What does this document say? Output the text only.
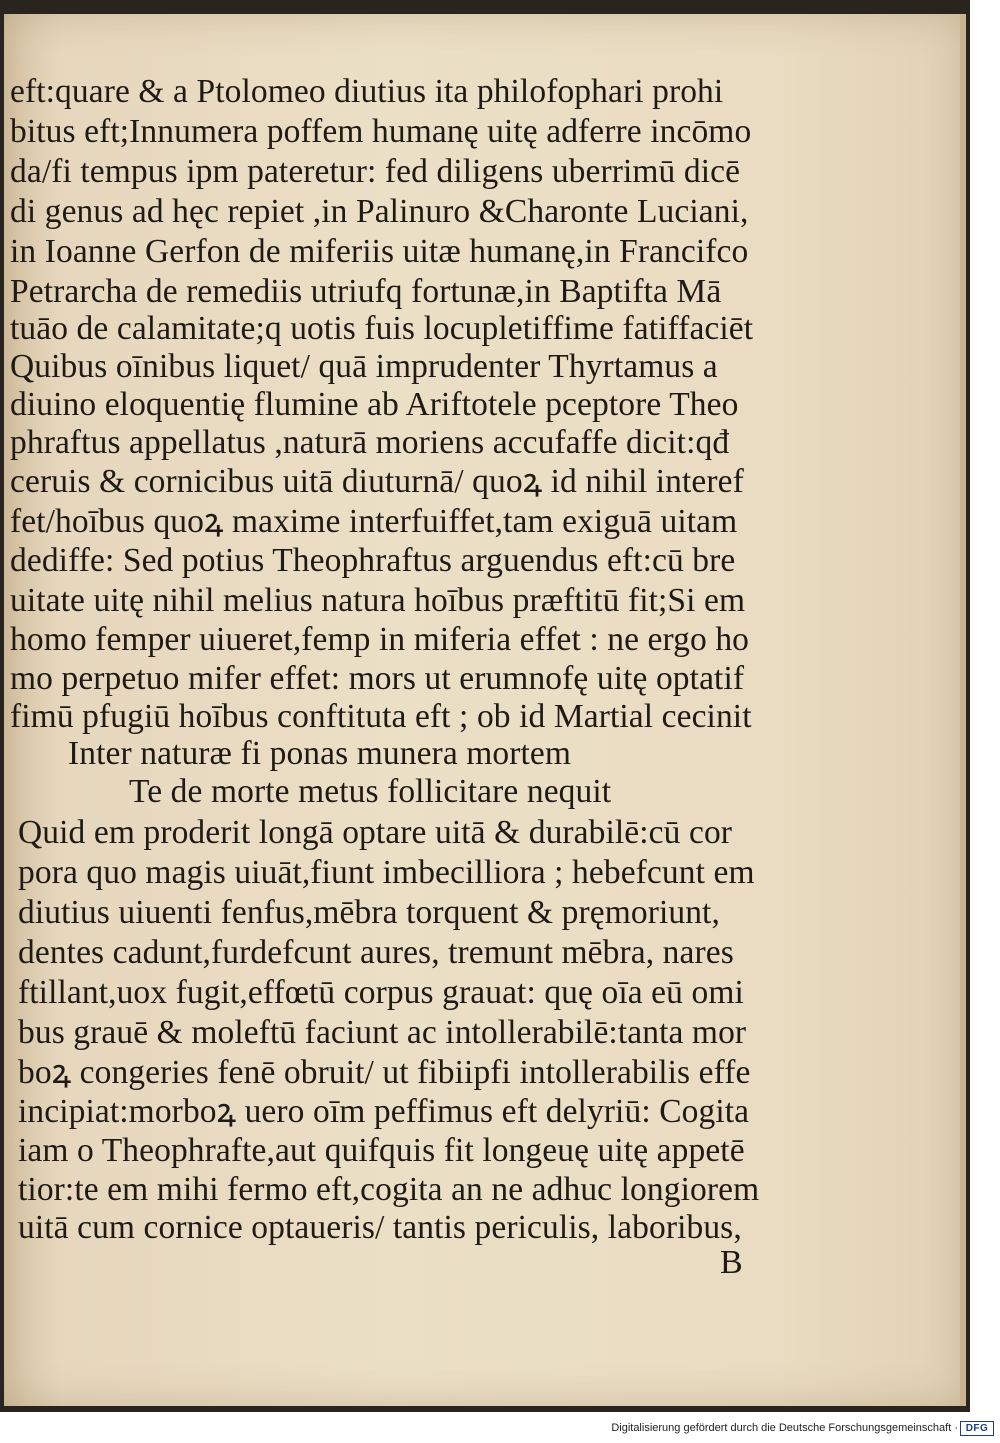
eft:quare & a Ptolomeo diutius ita philofophari prohi
bitus eft;Innumera poffem humanę uitę adferre incōmo
da/fi tempus ipm pateretur: fed diligens uberrimū dicē
di genus ad hęc repiet ,in Palinuro &Charonte Luciani,
in Ioanne Gerfon de miferiis uitæ humanę,in Francifco
Petrarcha de remediis utriufq fortunæ,in Baptifta Mā
tuāo de calamitate;q uotis fuis locupletiffime fatiffaciēt
Quibus oīnibus liquet/ quā imprudenter Thyrtamus a
diuino eloquentię flumine ab Ariftotele pceptore Theo
phraftus appellatus ,naturā moriens accufaffe dicit:qđ
ceruis & cornicibus uitā diuturnā/ quoꝝ id nihil interef
fet/hoībus quoꝝ maxime interfuiffet,tam exiguā uitam
dediffe: Sed potius Theophraftus arguendus eft:cū bre
uitate uitę nihil melius natura hoībus præftitū fit;Si em
homo femper uiueret,femp in miferia effet : ne ergo ho
mo perpetuo mifer effet: mors ut erumnofę uitę optatif
fimū pfugiū hoībus conftituta eft ; ob id Martial cecinit
Inter naturæ fi ponas munera mortem
Te de morte metus follicitare nequit
Quid em proderit longā optare uitā & durabilē:cū cor
pora quo magis uiuāt,fiunt imbecilliora ; hebefcunt em
diutius uiuenti fenfus,mēbra torquent & pręmoriunt,
dentes cadunt,furdefcunt aures, tremunt mēbra, nares
ftillant,uox fugit,effœtū corpus grauat: quę oīa eū omi
bus grauē & moleftū faciunt ac intollerabilē:tanta mor
boꝝ congeries fenē obruit/ ut fibiipfi intollerabilis effe
incipiat:morboꝝ uero oīm peffimus eft delyriū: Cogita
iam o Theophrafte,aut quifquis fit longeuę uitę appetē
tior:te em mihi fermo eft,cogita an ne adhuc longiorem
uitā cum cornice optaueris/ tantis periculis, laboribus,
B
Digitalisierung gefördert durch die Deutsche Forschungsgemeinschaft · DFG
